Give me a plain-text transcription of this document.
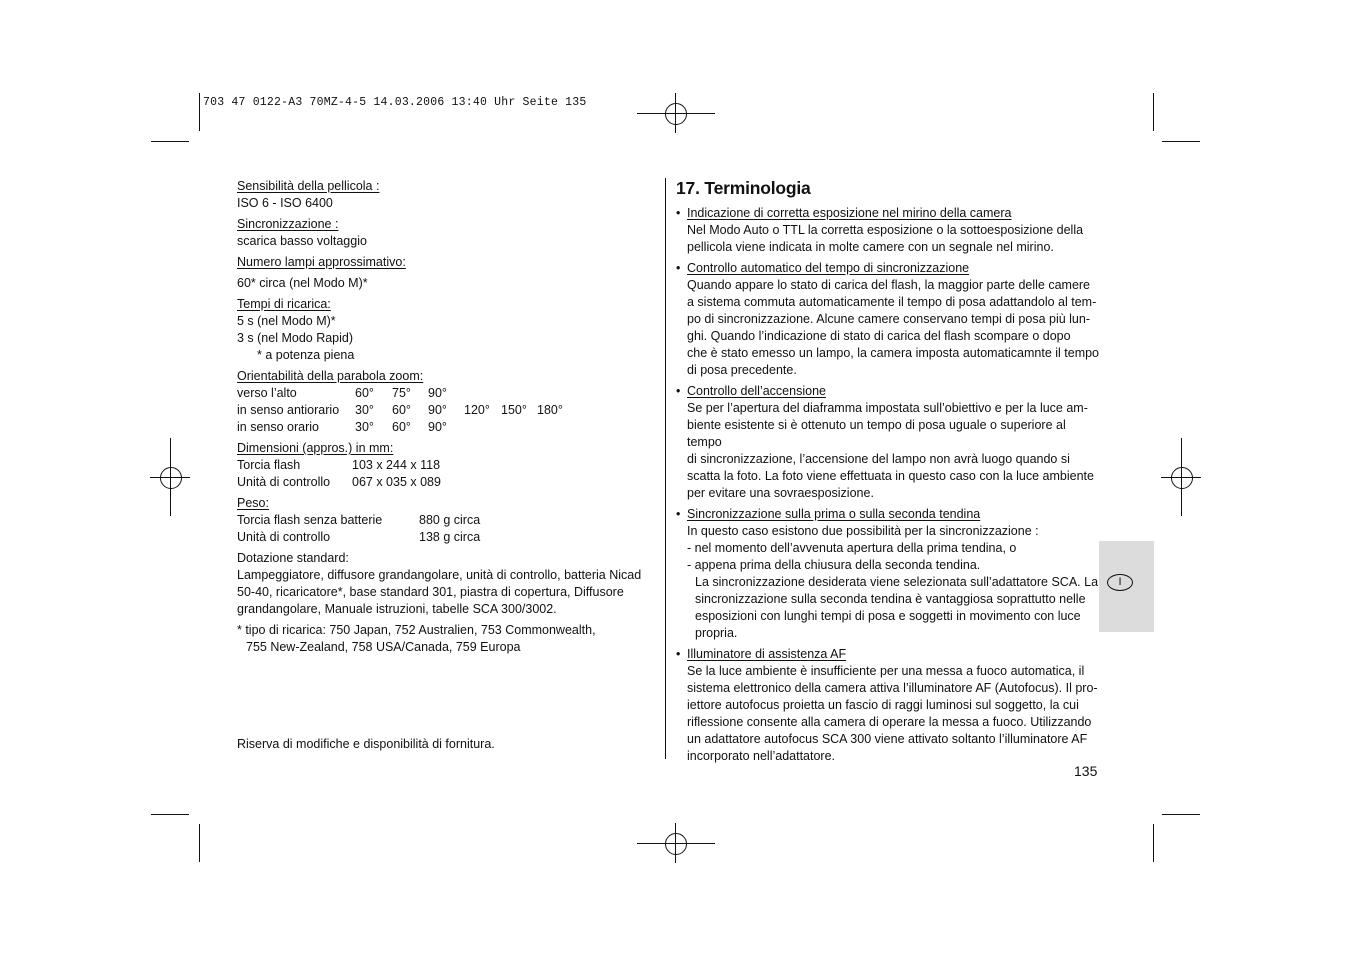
703 47 0122-A3 70MZ-4-5 14.03.2006 13:40 Uhr Seite 135
Sensibilità della pellicola :
ISO 6 - ISO 6400
Sincronizzazione :
scarica basso voltaggio
Numero lampi approssimativo:
60* circa (nel Modo M)*
Tempi di ricarica:
5 s (nel Modo M)*
3 s (nel Modo Rapid)
* a potenza piena
Orientabilità della parabola zoom:
verso l’alto	60°	75°	90°
in senso antiorario	30°	60°	90°	120° 150° 180°
in senso orario	30°	60°	90°
Dimensioni (appros.) in mm:
Torcia flash	103 x 244 x 118
Unità di controllo	067 x 035 x 089
Peso:
Torcia flash senza batterie	880 g circa
Unità di controllo	138 g circa
Dotazione standard:
Lampeggiatore, diffusore grandangolare, unità di controllo, batteria Nicad
50-40, ricaricatore*, base standard 301, piastra di copertura, Diffusore
grandangolare, Manuale istruzioni, tabelle SCA 300/3002.
* tipo di ricarica: 750 Japan, 752 Australien, 753 Commonwealth,
755 New-Zealand, 758 USA/Canada, 759 Europa
Riserva di modifiche e disponibilità di fornitura.
17. Terminologia
• Indicazione di corretta esposizione nel mirino della camera
Nel Modo Auto o TTL la corretta esposizione o la sottoesposizione della
pellicola viene indicata in molte camere con un segnale nel mirino.
• Controllo automatico del tempo di sincronizzazione
Quando appare lo stato di carica del flash, la maggior parte delle camere
a sistema commuta automaticamente il tempo di posa adattandolo al tem-
po di sincronizzazione. Alcune camere conservano tempi di posa più lun-
ghi. Quando l’indicazione di stato di carica del flash scompare o dopo
che è stato emesso un lampo, la camera imposta automaticamnte il tempo
di posa precedente.
• Controllo dell’accensione
Se per l’apertura del diaframma impostata sull’obiettivo e per la luce am-
biente esistente si è ottenuto un tempo di posa uguale o superiore al tempo
di sincronizzazione, l’accensione del lampo non avrà luogo quando si
scatta la foto. La foto viene effettuata in questo caso con la luce ambiente
per evitare una sovraesposizione.
• Sincronizzazione sulla prima o sulla seconda tendina
In questo caso esistono due possibilità per la sincronizzazione :
- nel momento dell’avvenuta apertura della prima tendina, o
- appena prima della chiusura della seconda tendina.
La sincronizzazione desiderata viene selezionata sull’adattatore SCA. La
sincronizzazione sulla seconda tendina è vantaggiosa soprattutto nelle
esposizioni con lunghi tempi di posa e soggetti in movimento con luce
propria.
• Illuminatore di assistenza AF
Se la luce ambiente è insufficiente per una messa a fuoco automatica, il
sistema elettronico della camera attiva l’illuminatore AF (Autofocus). Il pro-
iettore autofocus proietta un fascio di raggi luminosi sul soggetto, la cui
riflessione consente alla camera di operare la messa a fuoco. Utilizzando
un adattatore autofocus SCA 300 viene attivato soltanto l’illuminatore AF
incorporato nell’adattatore.
135
I
